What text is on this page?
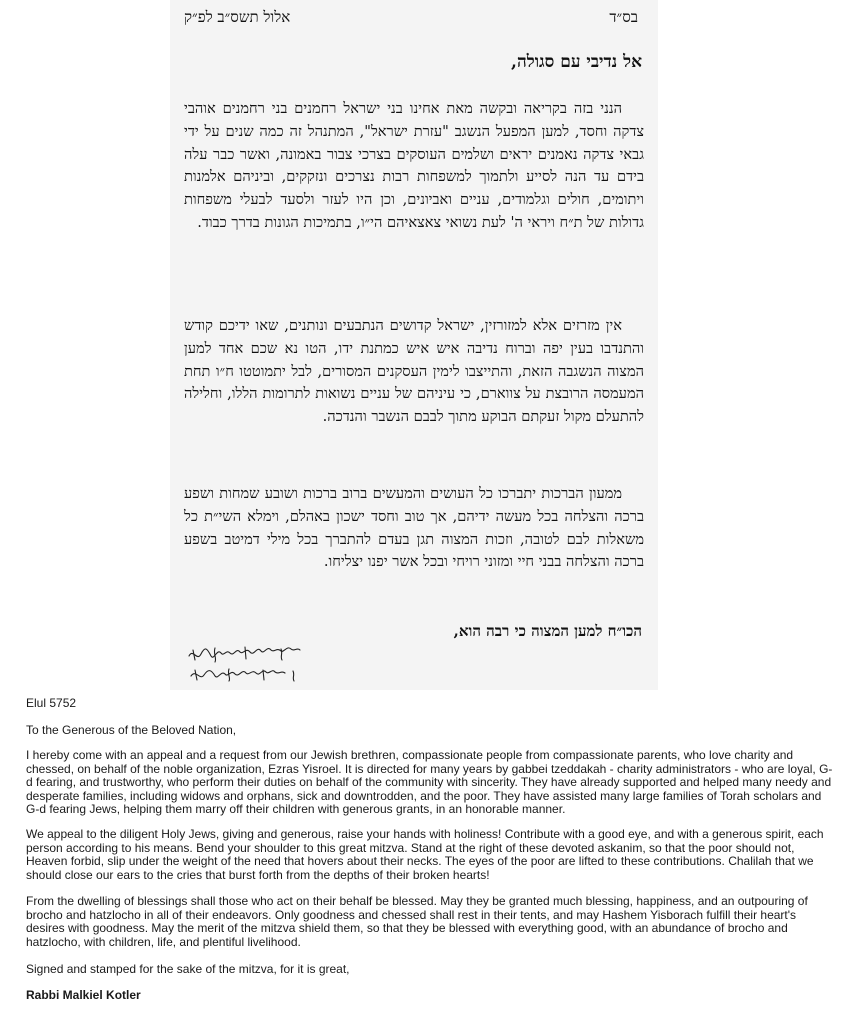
בס״ד
אלול תשס״ב לפ״ק
אל נדיבי עם סגולה,

הנני בזה בקריאה ובקשה מאת אחינו בני ישראל רחמנים בני רחמנים אוהבי צדקה וחסד, למען המפעל הנשגב "עזרת ישראל", המתנהל זה כמה שנים על ידי גבאי צדקה נאמנים יראים ושלמים העוסקים בצרכי צבור באמונה, ואשר כבר עלה בידם עד הנה לסייע ולתמוך למשפחות רבות נצרכים ונזקקים, וביניהם אלמנות ויתומים, חולים וגלמודים, עניים ואביונים, וכן היו לעזר ולסעד לבעלי משפחות גדולות של ת״ח ויראי ה' לעת נשואי צאצאיהם הי״ו, בתמיכות הגונות בדרך כבוד.

אין מזרזים אלא למזורזין, ישראל קדושים הנתבעים ונותנים, שאו ידיכם קודש והתנדבו בעין יפה וברוח נדיבה איש איש כמתנת ידו, הטו נא שכם אחד למען המצוה הנשגבה הזאת, והתייצבו לימין העסקנים המסורים, לבל יתמוטטו ח״ו תחת המעמסה הרובצת על צווארם, כי עיניהם של עניים נשואות לתרומות הללו, וחלילה להתעלם מקול זעקתם הבוקע מתוך לבבם הנשבר והנדכה.

ממעון הברכות יתברכו כל העושים והמעשים ברוב ברכות ושובע שמחות ושפע ברכה והצלחה בכל מעשה ידיהם, אך טוב וחסד ישכון באהלם, וימלא השי״ת כל משאלות לבם לטובה, וזכות המצוה תגן בעדם להתברך בכל מילי דמיטב בשפע ברכה והצלחה בבני חיי ומזוני רויחי ובכל אשר יפנו יצליחו.

הכו״ח למען המצוה כי רבה הוא,

Elul 5752

To the Generous of the Beloved Nation,

I hereby come with an appeal and a request from our Jewish brethren, compassionate people from compassionate parents, who love charity and chessed, on behalf of the noble organization, Ezras Yisroel. It is directed for many years by gabbei tzeddakah - charity administrators - who are loyal, G-d fearing, and trustworthy, who perform their duties on behalf of the community with sincerity. They have already supported and helped many needy and desperate families, including widows and orphans, sick and downtrodden, and the poor. They have assisted many large families of Torah scholars and G-d fearing Jews, helping them marry off their children with generous grants, in an honorable manner.

We appeal to the diligent Holy Jews, giving and generous, raise your hands with holiness! Contribute with a good eye, and with a generous spirit, each person according to his means. Bend your shoulder to this great mitzva. Stand at the right of these devoted askanim, so that the poor should not, Heaven forbid, slip under the weight of the need that hovers about their necks. The eyes of the poor are lifted to these contributions. Chalilah that we should close our ears to the cries that burst forth from the depths of their broken hearts!

From the dwelling of blessings shall those who act on their behalf be blessed. May they be granted much blessing, happiness, and an outpouring of brocho and hatzlocho in all of their endeavors. Only goodness and chessed shall rest in their tents, and may Hashem Yisborach fulfill their heart's desires with goodness. May the merit of the mitzva shield them, so that they be blessed with everything good, with an abundance of brocho and hatzlocho, with children, life, and plentiful livelihood.

Signed and stamped for the sake of the mitzva, for it is great,

Rabbi Malkiel Kotler
